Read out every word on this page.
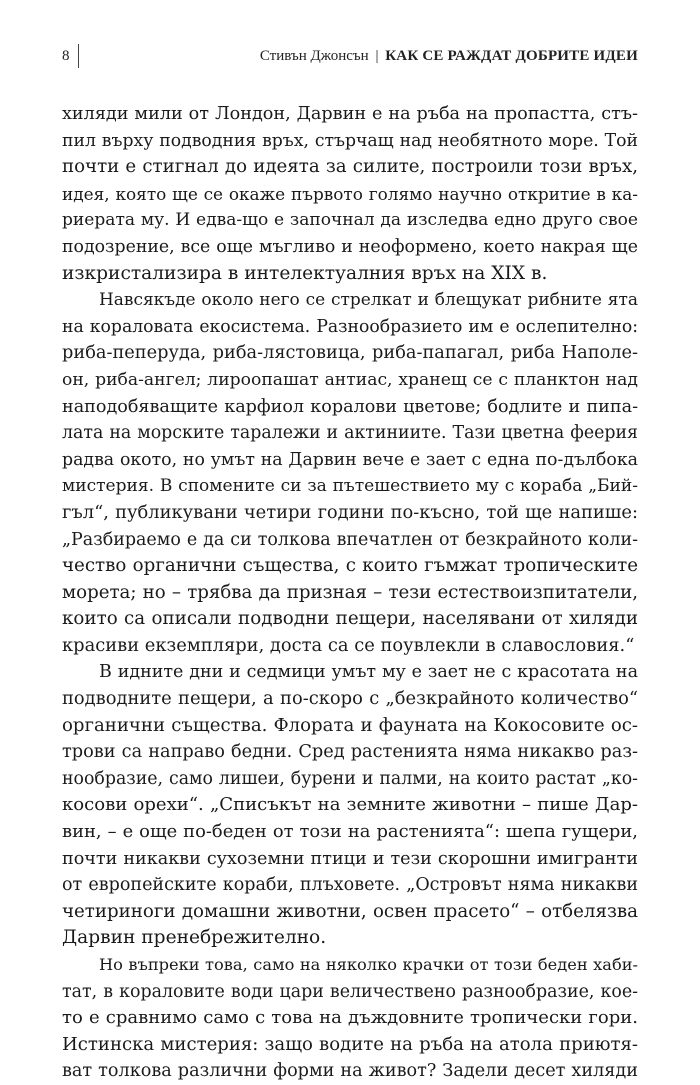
8	Стивън Джонсън | КАК СЕ РАЖДАТ ДОБРИТЕ ИДЕИ

хиляди мили от Лондон, Дарвин е на ръба на пропастта, стъ-
пил върху подводния връх, стърчащ над необятното море. Той
почти е стигнал до идеята за силите, построили този връх,
идея, която ще се окаже първото голямо научно откритие в ка-
риерата му. И едва-що е започнал да изследва едно друго свое
подозрение, все още мъгливо и неоформено, което накрая ще
изкристализира в интелектуалния връх на XIX в.

Навсякъде около него се стрелкат и блещукат рибните ята
на кораловата екосистема. Разнообразието им е ослепително:
риба-пеперуда, риба-лястовица, риба-папагал, риба Наполе-
он, риба-ангел; лироопашат антиас, хранещ се с планктон над
наподобяващите карфиол коралови цветове; бодлите и пипа-
лата на морските таралежи и актиниите. Тази цветна феерия
радва окото, но умът на Дарвин вече е зает с една по-дълбока
мистерия. В спомените си за пътешествието му с кораба „Бий-
гъл“, публикувани четири години по-късно, той ще напише:
„Разбираемо е да си толкова впечатлен от безкрайното коли-
чество органични същества, с които гъмжат тропическите
морета; но – трябва да призная – тези естествоизпитатели,
които са описали подводни пещери, населявани от хиляди
красиви екземпляри, доста са се поувлекли в славословия.“

В идните дни и седмици умът му е зает не с красотата на
подводните пещери, а по-скоро с „безкрайното количество“
органични същества. Флората и фауната на Кокосовите ос-
трови са направо бедни. Сред растенията няма никакво раз-
нообразие, само лишеи, бурени и палми, на които растат „ко-
косови орехи“. „Списъкът на земните животни – пише Дар-
вин, – е още по-беден от този на растенията“: шепа гущери,
почти никакви сухоземни птици и тези скорошни имигранти
от европейските кораби, плъховете. „Островът няма никакви
четириноги домашни животни, освен прасето“ – отбелязва
Дарвин пренебрежително.

Но въпреки това, само на няколко крачки от този беден хаби-
тат, в кораловите води цари величествено разнообразие, кое-
то е сравнимо само с това на дъждовните тропически гори.
Истинска мистерия: защо водите на ръба на атола приютя-
ват толкова различни форми на живот? Задели десет хиляди
